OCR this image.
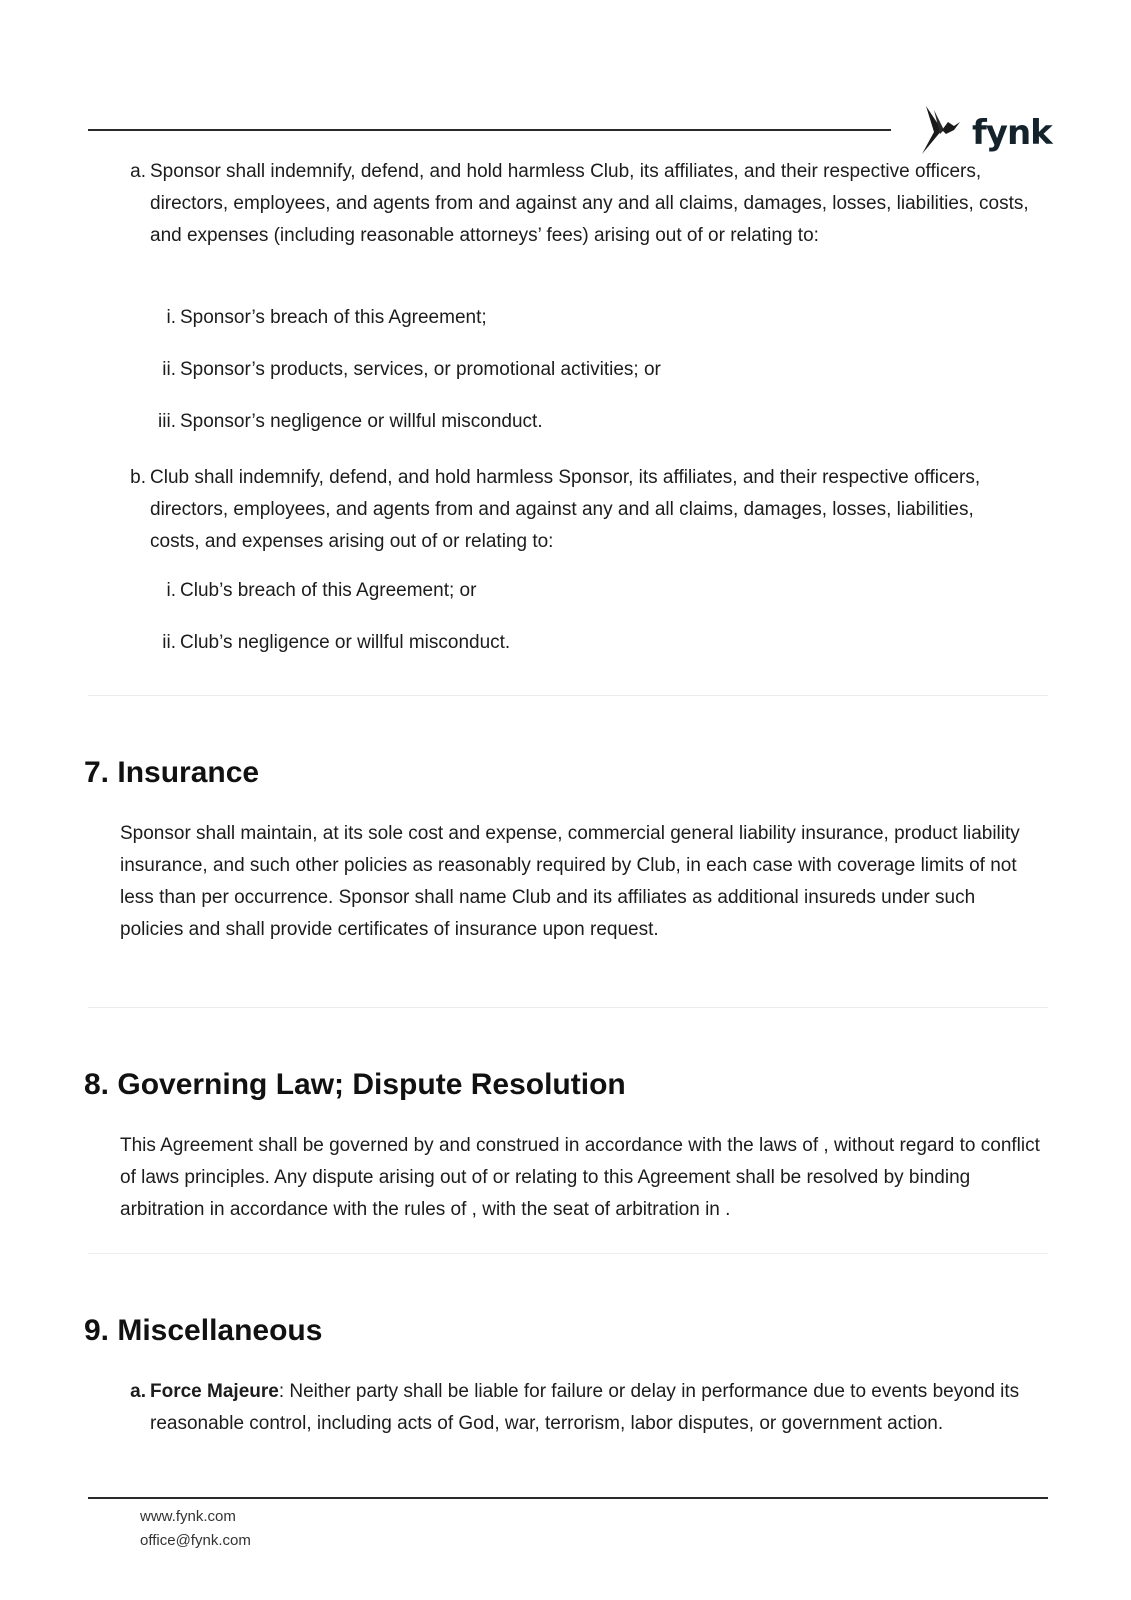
fynk
a. Sponsor shall indemnify, defend, and hold harmless Club, its affiliates, and their respective officers, directors, employees, and agents from and against any and all claims, damages, losses, liabilities, costs, and expenses (including reasonable attorneys’ fees) arising out of or relating to:

i. Sponsor’s breach of this Agreement;

ii. Sponsor’s products, services, or promotional activities; or

iii. Sponsor’s negligence or willful misconduct.

b. Club shall indemnify, defend, and hold harmless Sponsor, its affiliates, and their respective officers, directors, employees, and agents from and against any and all claims, damages, losses, liabilities, costs, and expenses arising out of or relating to:

i. Club’s breach of this Agreement; or

ii. Club’s negligence or willful misconduct.

7. Insurance

Sponsor shall maintain, at its sole cost and expense, commercial general liability insurance, product liability insurance, and such other policies as reasonably required by Club, in each case with coverage limits of not less than per occurrence. Sponsor shall name Club and its affiliates as additional insureds under such policies and shall provide certificates of insurance upon request.

8. Governing Law; Dispute Resolution

This Agreement shall be governed by and construed in accordance with the laws of , without regard to conflict of laws principles. Any dispute arising out of or relating to this Agreement shall be resolved by binding arbitration in accordance with the rules of , with the seat of arbitration in .

9. Miscellaneous
a. Force Majeure: Neither party shall be liable for failure or delay in performance due to events beyond its reasonable control, including acts of God, war, terrorism, labor disputes, or government action.

www.fynk.com
office@fynk.com
